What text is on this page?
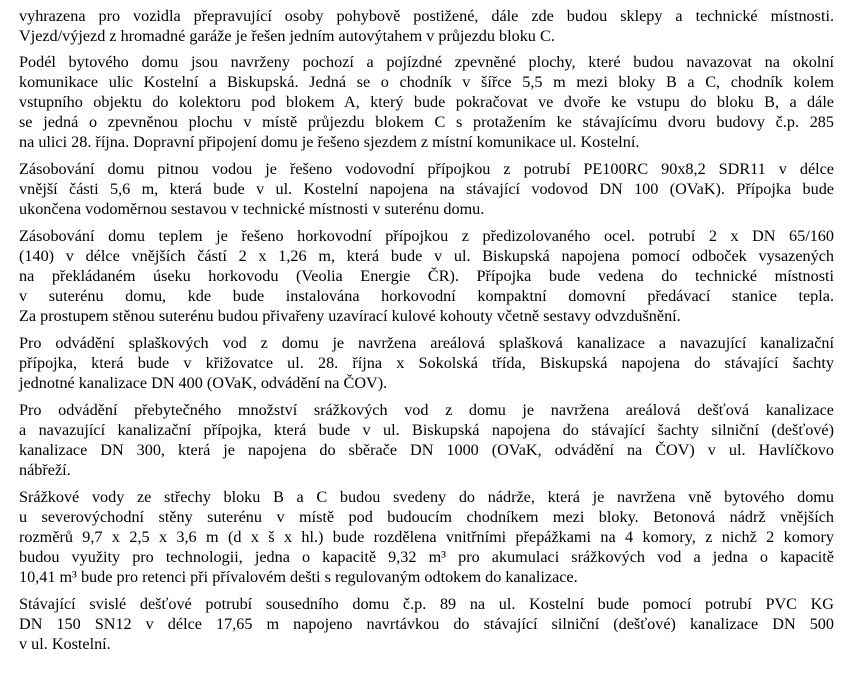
vyhrazena pro vozidla přepravující osoby pohybově postižené, dále zde budou sklepy a technické místnosti.
Vjezd/výjezd z hromadné garáže je řešen jedním autovýtahem v průjezdu bloku C.
Podél bytového domu jsou navrženy pochozí a pojízdné zpevněné plochy, které budou navazovat na okolní
komunikace ulic Kostelní a Biskupská. Jedná se o chodník v šířce 5,5 m mezi bloky B a C, chodník kolem
vstupního objektu do kolektoru pod blokem A, který bude pokračovat ve dvoře ke vstupu do bloku B, a dále
se jedná o zpevněnou plochu v místě průjezdu blokem C s protažením ke stávajícímu dvoru budovy č.p. 285
na ulici 28. října. Dopravní připojení domu je řešeno sjezdem z místní komunikace ul. Kostelní.
Zásobování domu pitnou vodou je řešeno vodovodní přípojkou z potrubí PE100RC 90x8,2 SDR11 v délce
vnější části 5,6 m, která bude v ul. Kostelní napojena na stávající vodovod DN 100 (OVaK). Přípojka bude
ukončena vodoměrnou sestavou v technické místnosti v suterénu domu.
Zásobování domu teplem je řešeno horkovodní přípojkou z předizolovaného ocel. potrubí 2 x DN 65/160
(140) v délce vnějších částí 2 x 1,26 m, která bude v ul. Biskupská napojena pomocí odboček vysazených
na překládaném úseku horkovodu (Veolia Energie ČR). Přípojka bude vedena do technické místnosti
v suterénu domu, kde bude instalována horkovodní kompaktní domovní předávací stanice tepla.
Za prostupem stěnou suterénu budou přivařeny uzavírací kulové kohouty včetně sestavy odvzdušnění.
Pro odvádění splaškových vod z domu je navržena areálová splašková kanalizace a navazující kanalizační
přípojka, která bude v křižovatce ul. 28. října x Sokolská třída, Biskupská napojena do stávající šachty
jednotné kanalizace DN 400 (OVaK, odvádění na ČOV).
Pro odvádění přebytečného množství srážkových vod z domu je navržena areálová dešťová kanalizace
a navazující kanalizační přípojka, která bude v ul. Biskupská napojena do stávající šachty silniční (dešťové)
kanalizace DN 300, která je napojena do sběrače DN 1000 (OVaK, odvádění na ČOV) v ul. Havlíčkovo
nábřeží.
Srážkové vody ze střechy bloku B a C budou svedeny do nádrže, která je navržena vně bytového domu
u severovýchodní stěny suterénu v místě pod budoucím chodníkem mezi bloky. Betonová nádrž vnějších
rozměrů 9,7 x 2,5 x 3,6 m (d x š x hl.) bude rozdělena vnitřními přepážkami na 4 komory, z nichž 2 komory
budou využity pro technologii, jedna o kapacitě 9,32 m³ pro akumulaci srážkových vod a jedna o kapacitě
10,41 m³ bude pro retenci při přívalovém dešti s regulovaným odtokem do kanalizace.
Stávající svislé dešťové potrubí sousedního domu č.p. 89 na ul. Kostelní bude pomocí potrubí PVC KG
DN 150 SN12 v délce 17,65 m napojeno navrtávkou do stávající silniční (dešťové) kanalizace DN 500
v ul. Kostelní.
